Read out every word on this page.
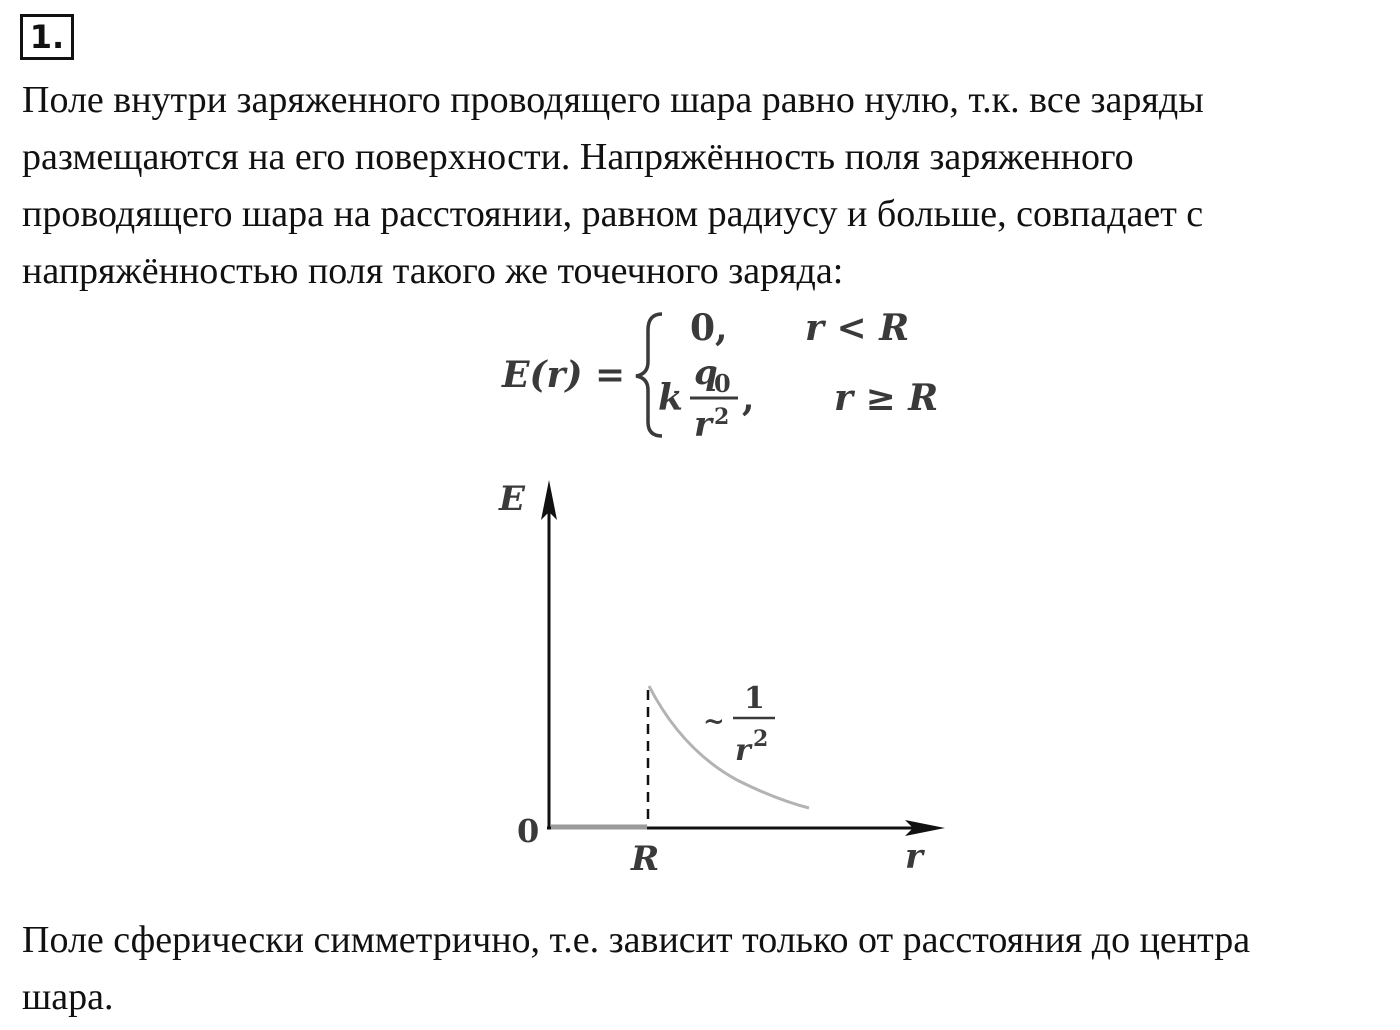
1.

Поле внутри заряженного проводящего шара равно нулю, т.к. все заряды
размещаются на его поверхности. Напряжённость поля заряженного
проводящего шара на расстоянии, равном радиусу и больше, совпадает с
напряжённостью поля такого же точечного заряда:

E(r) =
0, r < R
k
q
0
r 2 , r ≥ R
E
r
0
R
~
1
r 2

Поле сферически симметрично, т.е. зависит только от расстояния до центра
шара.
